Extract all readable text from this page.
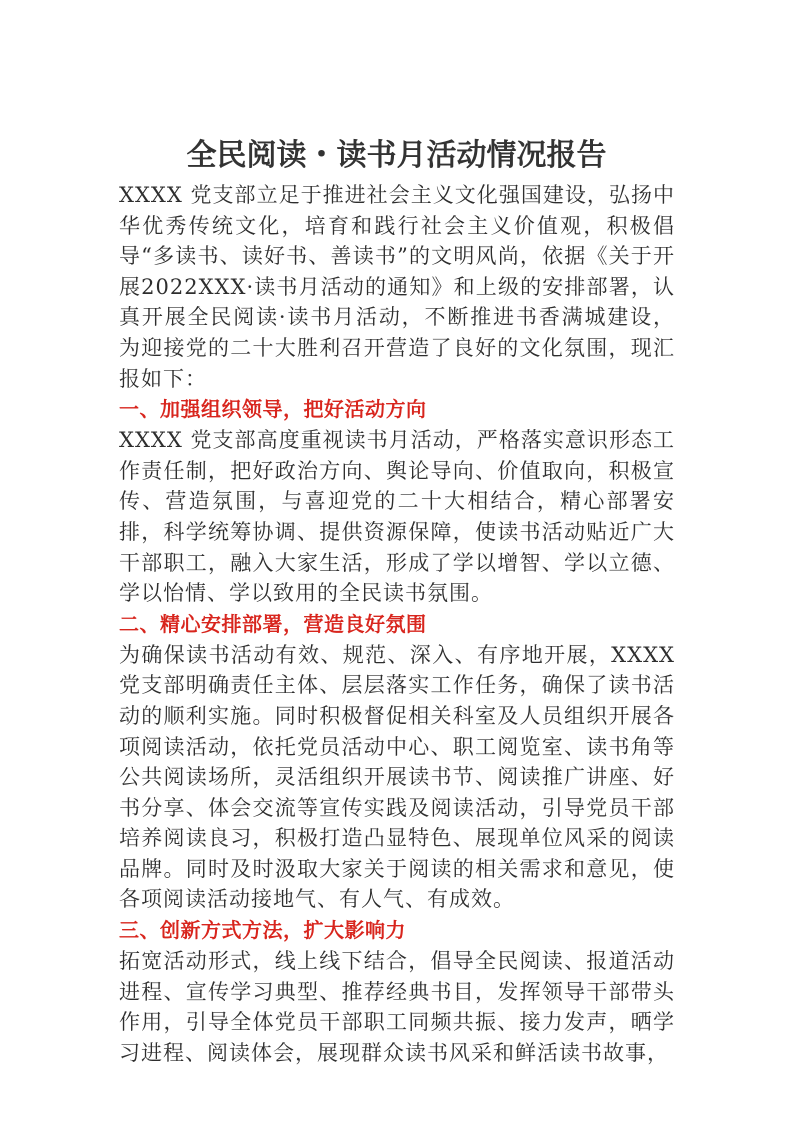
全民阅读・读书月活动情况报告

XXXX 党支部立足于推进社会主义文化强国建设，弘扬中华优秀传统文化，培育和践行社会主义价值观，积极倡导“多读书、读好书、善读书”的文明风尚，依据《关于开展2022XXX·读书月活动的通知》和上级的安排部署，认真开展全民阅读·读书月活动，不断推进书香满城建设，为迎接党的二十大胜利召开营造了良好的文化氛围，现汇报如下：

一、加强组织领导，把好活动方向

XXXX 党支部高度重视读书月活动，严格落实意识形态工作责任制，把好政治方向、舆论导向、价值取向，积极宣传、营造氛围，与喜迎党的二十大相结合，精心部署安排，科学统筹协调、提供资源保障，使读书活动贴近广大干部职工，融入大家生活，形成了学以增智、学以立德、学以怡情、学以致用的全民读书氛围。

二、精心安排部署，营造良好氛围

为确保读书活动有效、规范、深入、有序地开展，XXXX 党支部明确责任主体、层层落实工作任务，确保了读书活动的顺利实施。同时积极督促相关科室及人员组织开展各项阅读活动，依托党员活动中心、职工阅览室、读书角等公共阅读场所，灵活组织开展读书节、阅读推广讲座、好书分享、体会交流等宣传实践及阅读活动，引导党员干部培养阅读良习，积极打造凸显特色、展现单位风采的阅读品牌。同时及时汲取大家关于阅读的相关需求和意见，使各项阅读活动接地气、有人气、有成效。

三、创新方式方法，扩大影响力

拓宽活动形式，线上线下结合，倡导全民阅读、报道活动进程、宣传学习典型、推荐经典书目，发挥领导干部带头作用，引导全体党员干部职工同频共振、接力发声，晒学习进程、阅读体会，展现群众读书风采和鲜活读书故事，
